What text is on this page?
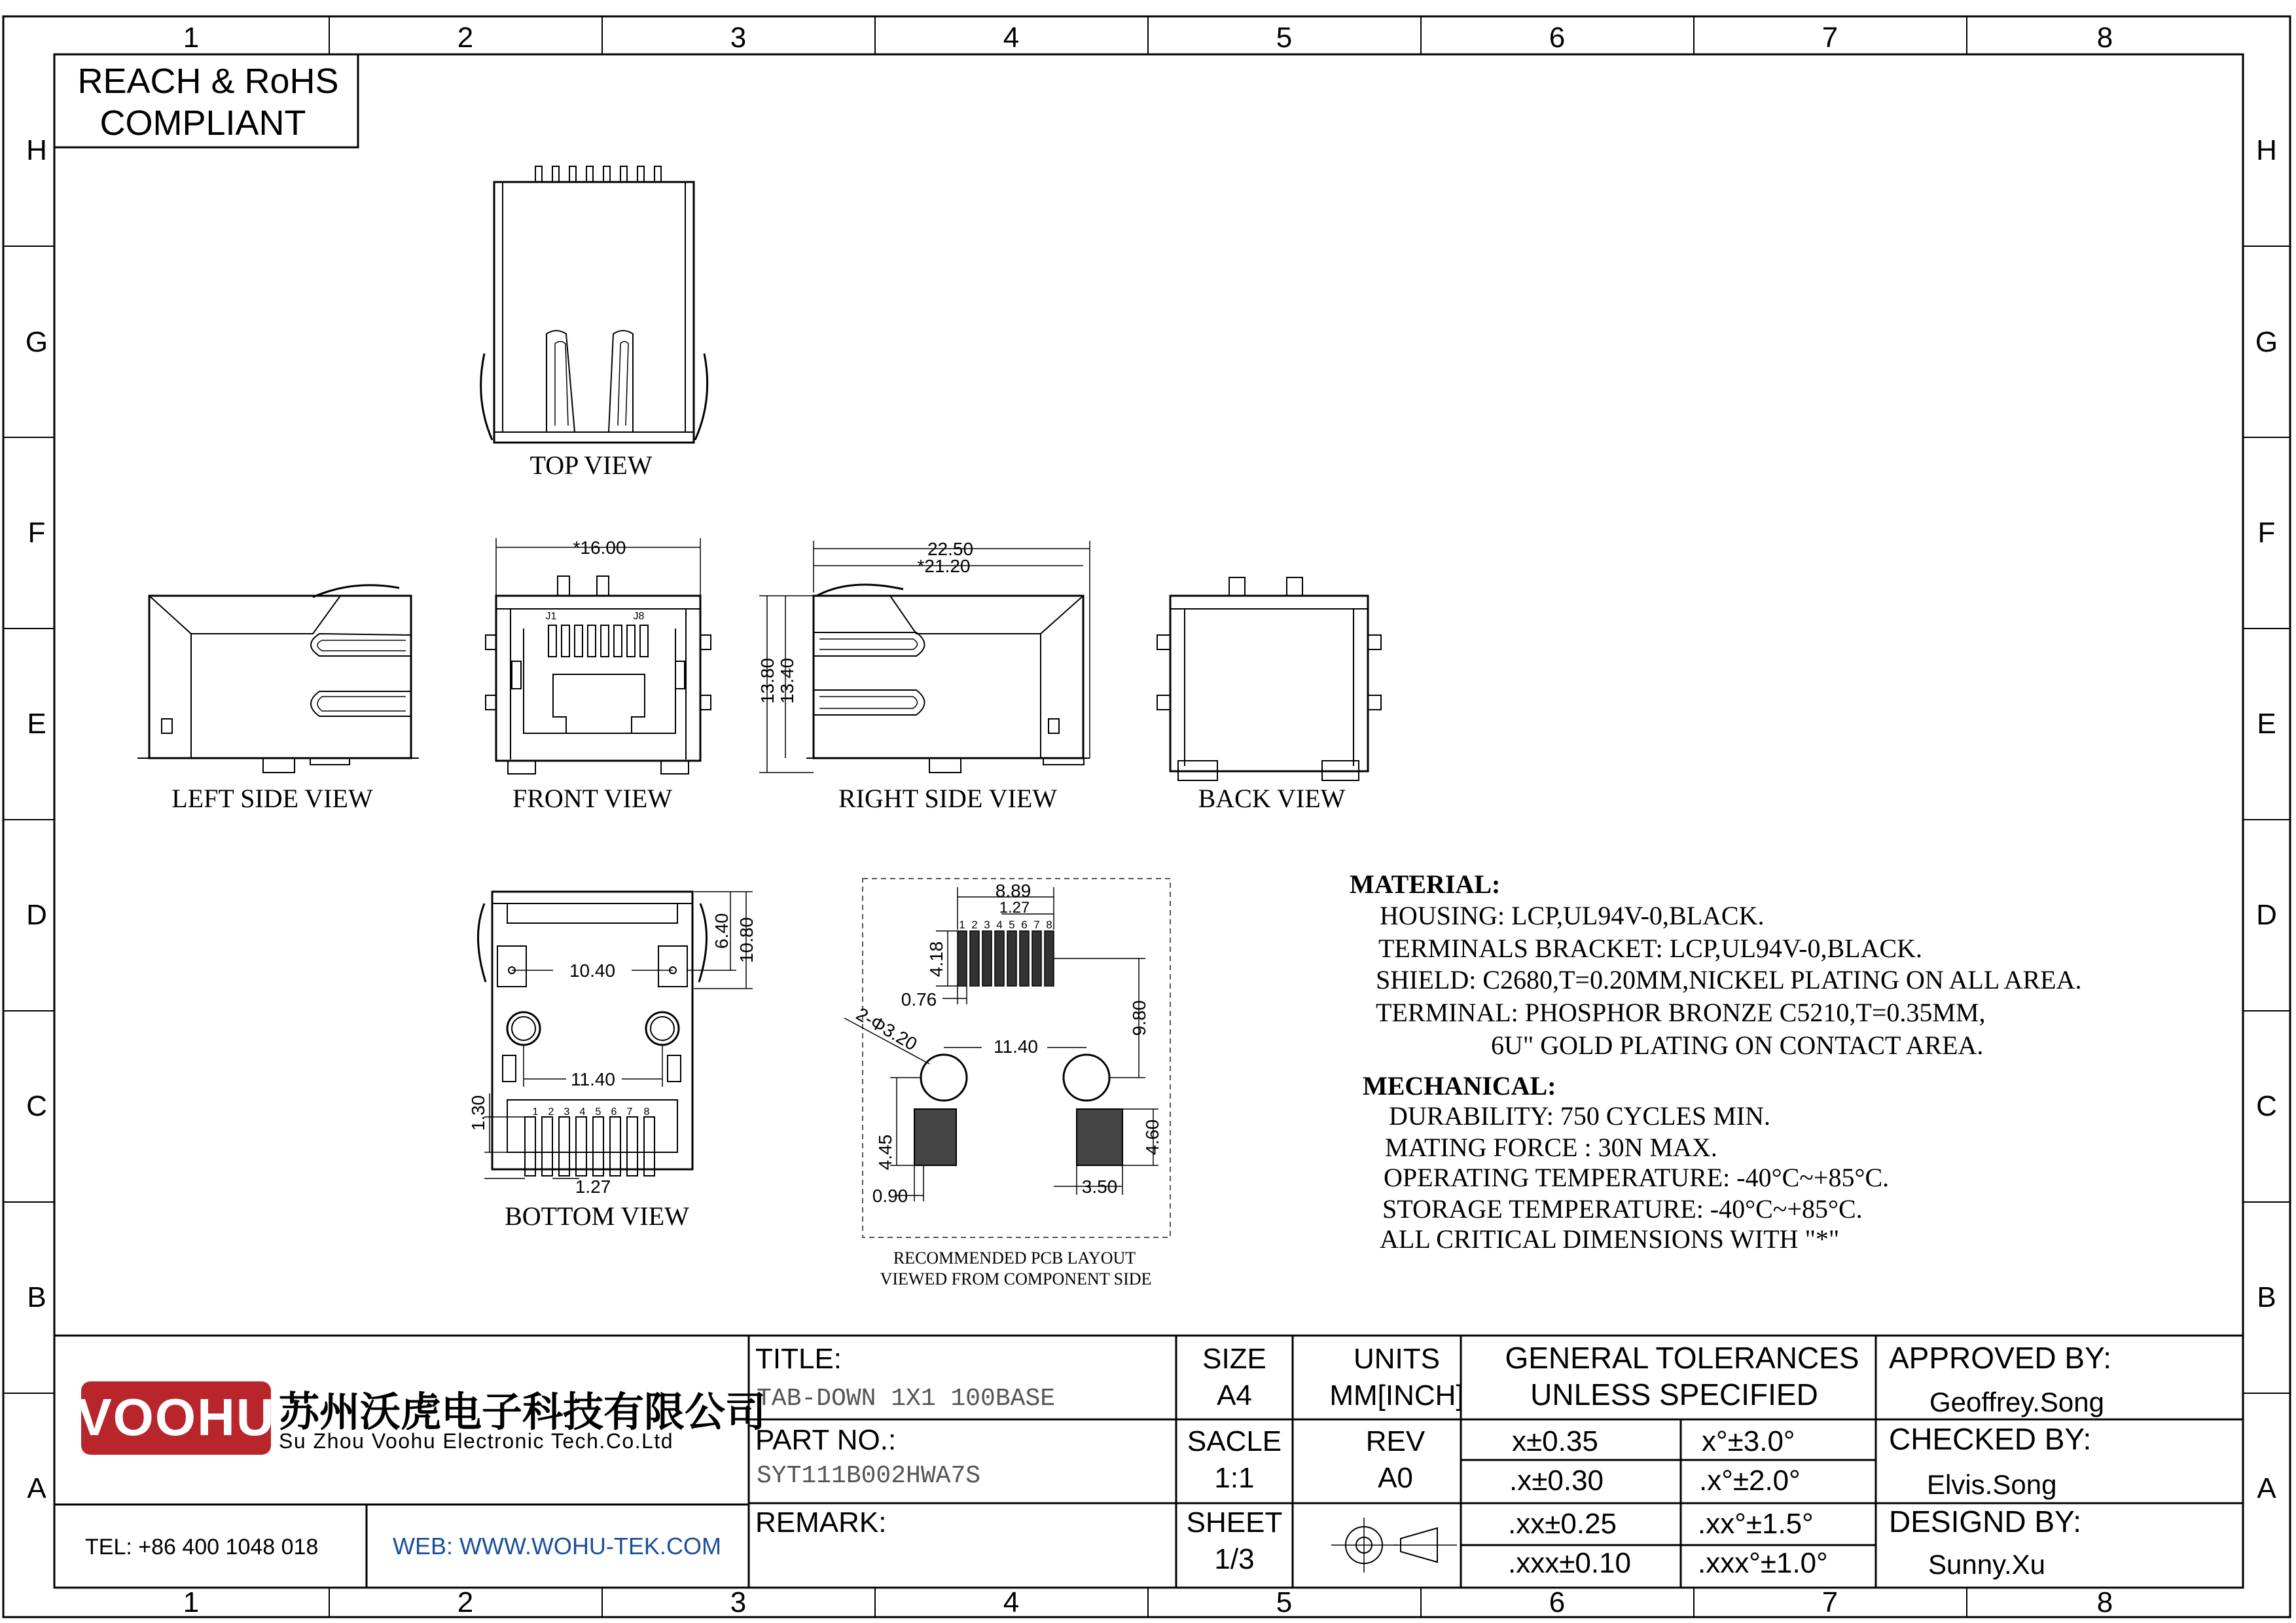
1	2	3	4	5	6	7	8
1	2	3	4	5	6	7	8
H
G
F
E
D
C
B
A
H
G
F
E
D
C
B
A
REACH & RoHS
COMPLIANT
TOP VIEW
LEFT SIDE VIEW
*16.00
J1	J8
FRONT VIEW
22.50
*21.20
13.80 13.40
RIGHT SIDE VIEW	BACK VIEW
1 2 3 4 5 6 7 8
10.40
11.40
6.40 10.80
1.30
1.27
BOTTOM VIEW
1 2 3 4 5 6 7 8
8.89
1.27
4.18
0.76
2-Φ3.20	11.40
9.80
4.45
0.90
4.60
3.50
RECOMMENDED PCB LAYOUT
VIEWED FROM COMPONENT SIDE
MATERIAL:
HOUSING: LCP,UL94V-0,BLACK.
TERMINALS BRACKET: LCP,UL94V-0,BLACK.
SHIELD: C2680,T=0.20MM,NICKEL PLATING ON ALL AREA.
TERMINAL: PHOSPHOR BRONZE C5210,T=0.35MM,
6U" GOLD PLATING ON CONTACT AREA.
MECHANICAL:
DURABILITY: 750 CYCLES MIN.
MATING FORCE : 30N MAX.
OPERATING TEMPERATURE: -40°C~+85°C.
STORAGE TEMPERATURE: -40°C~+85°C.
ALL CRITICAL DIMENSIONS WITH "*"
VOOHU 苏州沃虎电子科技有限公司
Su Zhou Voohu Electronic Tech.Co.Ltd
TEL: +86 400 1048 018	WEB: WWW.WOHU-TEK.COM
TITLE:
TAB-DOWN 1X1 100BASE
PART NO.:
SYT111B002HWA7S
REMARK:
SIZE
A4
SACLE
1:1
SHEET
1/3
UNITS
MM[INCH]
REV
A0
GENERAL TOLERANCES
UNLESS SPECIFIED
x±0.35	x°±3.0°
.x±0.30	.x°±2.0°
.xx±0.25	.xx°±1.5°
.xxx±0.10 .xxx°±1.0°
APPROVED BY:
Geoffrey.Song
CHECKED BY:
Elvis.Song
DESIGND BY:
Sunny.Xu
